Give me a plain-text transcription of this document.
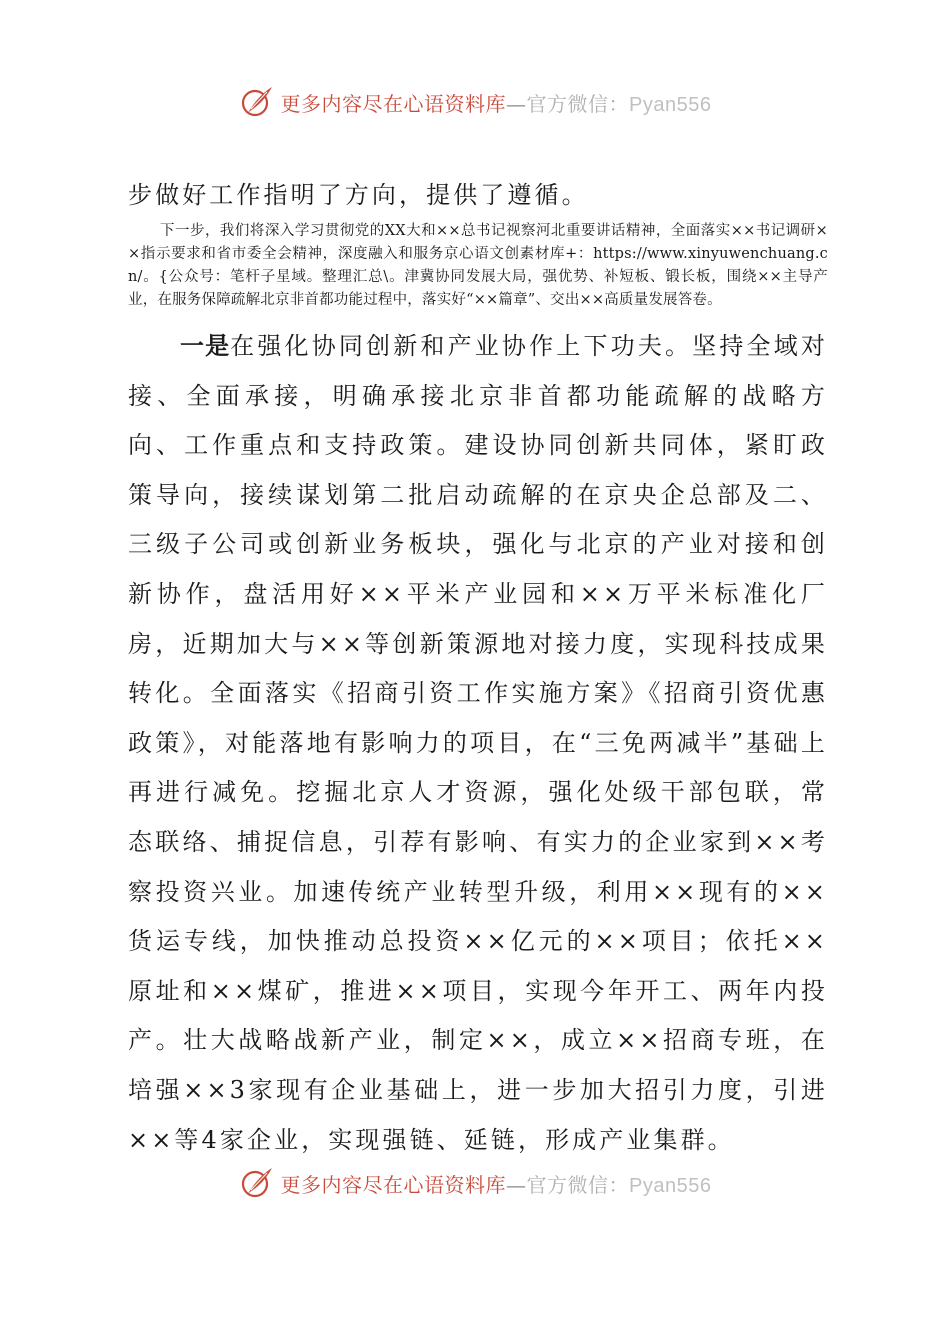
更多内容尽在心语资料库—官方微信：Pyan556

步做好工作指明了方向，提供了遵循。

下一步，我们将深入学习贯彻党的XX大和××总书记视察河北重要讲话精神，全面落实××书记调研××指示要求和省市委全会精神，深度融入和服务京心语文创素材库+：https://www.xinyuwenchuang.cn/。{公众号：笔杆子星域。整理汇总\。津冀协同发展大局，强优势、补短板、锻长板，围绕××主导产业，在服务保障疏解北京非首都功能过程中，落实好“××篇章”、交出××高质量发展答卷。

一是在强化协同创新和产业协作上下功夫。坚持全域对接、全面承接，明确承接北京非首都功能疏解的战略方向、工作重点和支持政策。建设协同创新共同体，紧盯政策导向，接续谋划第二批启动疏解的在京央企总部及二、三级子公司或创新业务板块，强化与北京的产业对接和创新协作，盘活用好××平米产业园和××万平米标准化厂房，近期加大与××等创新策源地对接力度，实现科技成果转化。全面落实《招商引资工作实施方案》《招商引资优惠政策》，对能落地有影响力的项目，在“三免两减半”基础上再进行减免。挖掘北京人才资源，强化处级干部包联，常态联络、捕捉信息，引荐有影响、有实力的企业家到××考察投资兴业。加速传统产业转型升级，利用××现有的××货运专线，加快推动总投资××亿元的××项目；依托××原址和××煤矿，推进××项目，实现今年开工、两年内投产。壮大战略战新产业，制定××，成立××招商专班，在培强××3家现有企业基础上，进一步加大招引力度，引进××等4家企业，实现强链、延链，形成产业集群。

更多内容尽在心语资料库—官方微信：Pyan556
